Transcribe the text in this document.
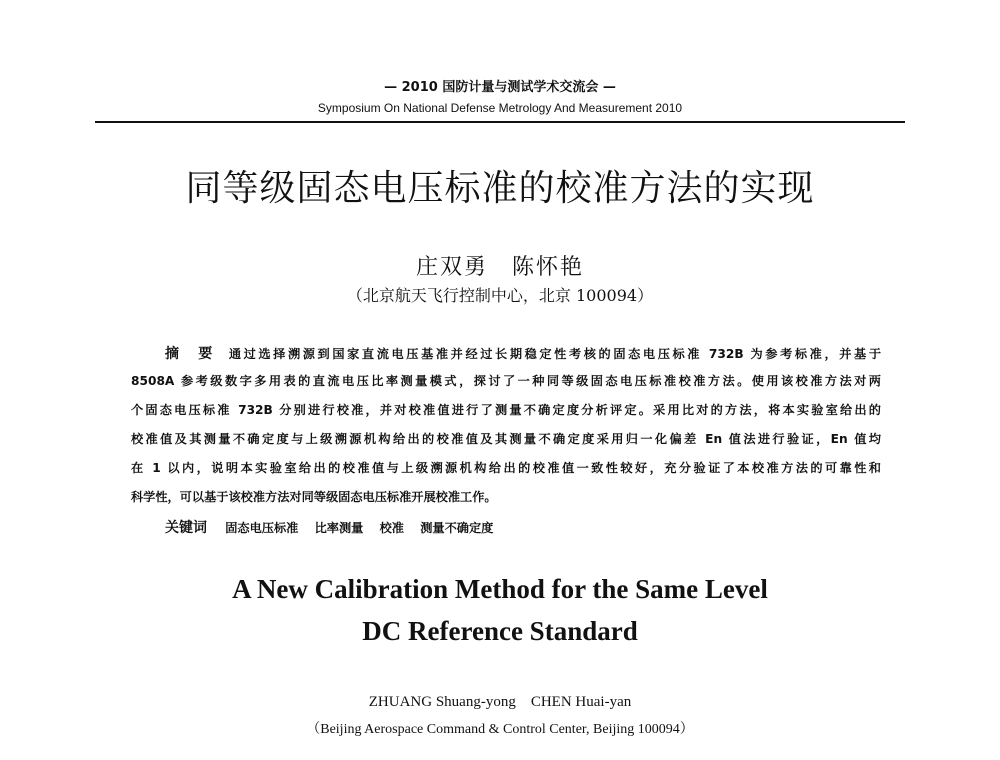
— 2010 国防计量与测试学术交流会 —
Symposium On National Defense Metrology And Measurement 2010
同等级固态电压标准的校准方法的实现
庄双勇　陈怀艳
（北京航天飞行控制中心，北京 100094）
摘　要 通过选择溯源到国家直流电压基准并经过长期稳定性考核的固态电压标准 732B 为参考标准，并基于
8508A 参考级数字多用表的直流电压比率测量模式，探讨了一种同等级固态电压标准校准方法。使用该校准方法对两
个固态电压标准 732B 分别进行校准，并对校准值进行了测量不确定度分析评定。采用比对的方法，将本实验室给出的
校准值及其测量不确定度与上级溯源机构给出的校准值及其测量不确定度采用归一化偏差 En 值法进行验证，En 值均
在 1 以内，说明本实验室给出的校准值与上级溯源机构给出的校准值一致性较好，充分验证了本校准方法的可靠性和
科学性，可以基于该校准方法对同等级固态电压标准开展校准工作。
关键词 固态电压标准 比率测量 校准 测量不确定度
A New Calibration Method for the Same Level
DC Reference Standard
ZHUANG Shuang-yong　CHEN Huai-yan
（Beijing Aerospace Command & Control Center, Beijing 100094）
